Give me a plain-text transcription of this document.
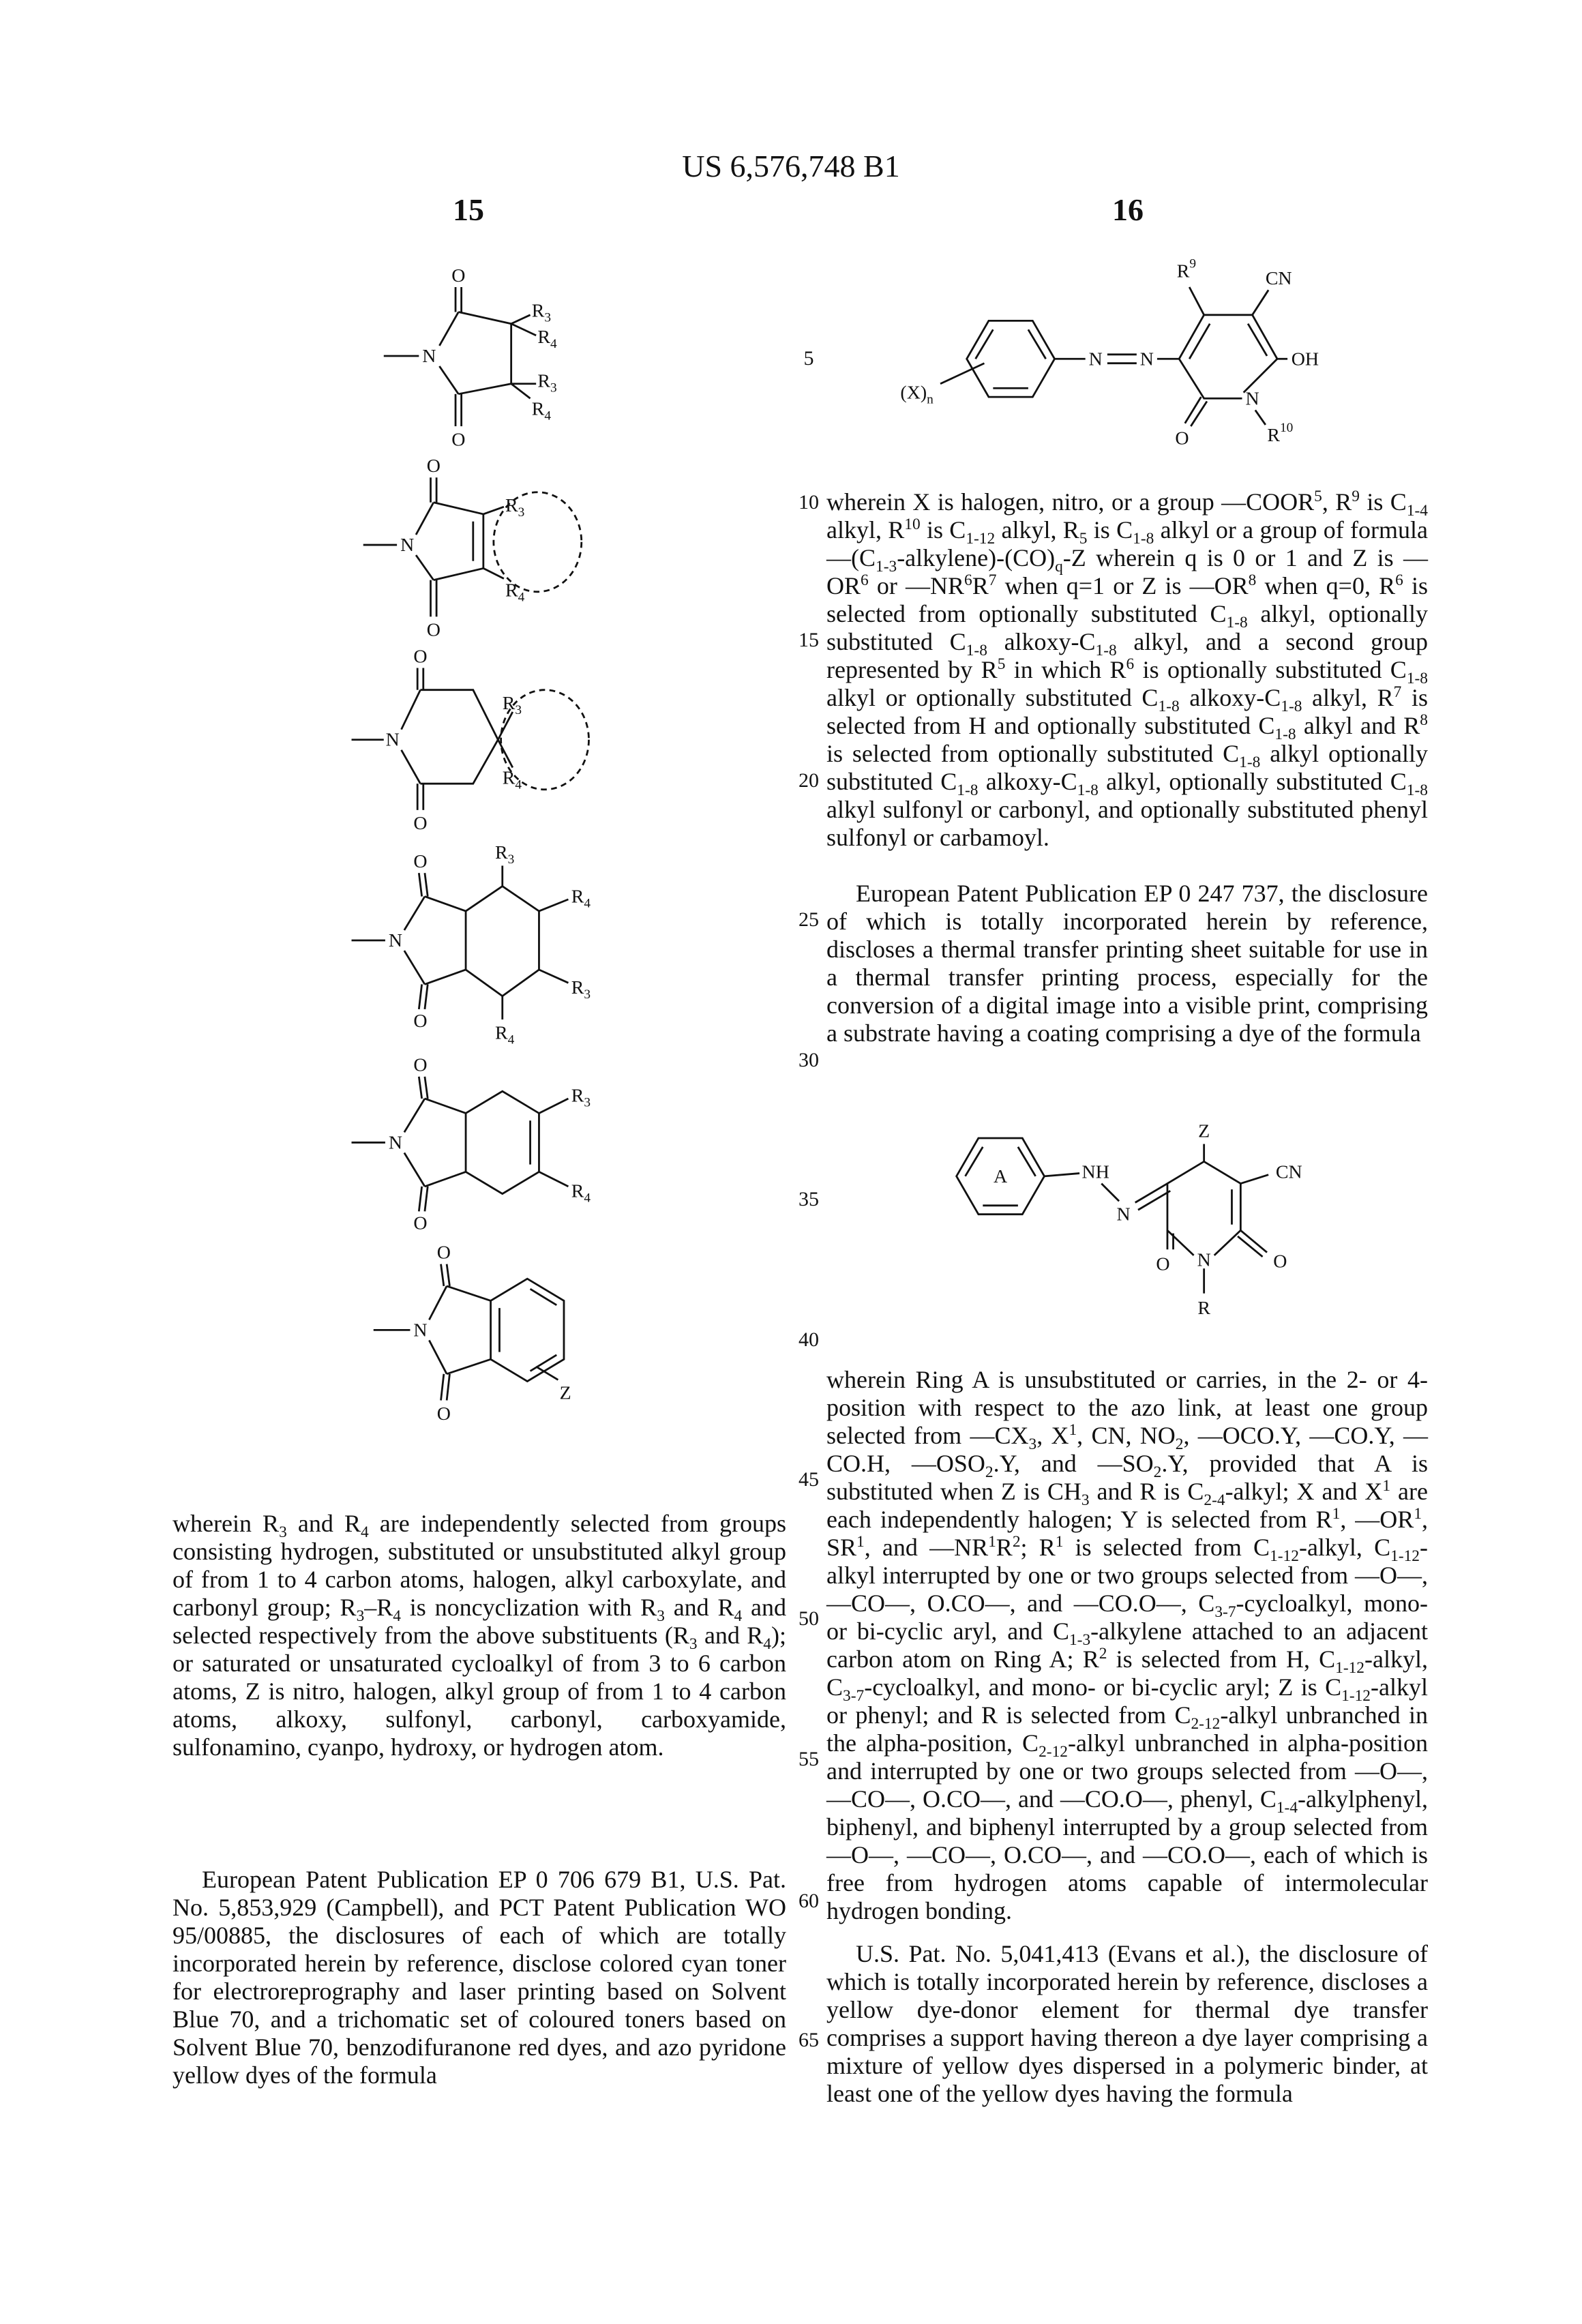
US 6,576,748 B1
15	16
O
N
O
R3
R4
R3
R4
O
N
O
R3
R4
O
N
O
R3
R4
O
N
O
R3
R4
R3
R4
O
N
O
R3
R4
O
N
O
Z
(X)n
N	N
R9
CN
OH
N
O	R10
A	NH
N
Z
CN
N
O	O
R
5
10
15
20
25
30
35
40
45
50
55
60
65

wherein R3 and R4 are independently selected from groups consisting hydrogen, substituted or unsubstituted alkyl group of from 1 to 4 carbon atoms, halogen, alkyl carboxylate, and carbonyl group; R3–R4 is noncyclization with R3 and R4 and selected respectively from the above substituents (R3 and R4); or saturated or unsaturated cycloalkyl of from 3 to 6 carbon atoms, Z is nitro, halogen, alkyl group of from 1 to 4 carbon atoms, alkoxy, sulfonyl, carbonyl, carboxyamide, sulfonamino, cyanpo, hydroxy, or hydrogen atom.

European Patent Publication EP 0 706 679 B1, U.S. Pat. No. 5,853,929 (Campbell), and PCT Patent Publication WO 95/00885, the disclosures of each of which are totally incorporated herein by reference, disclose colored cyan toner for electroreprography and laser printing based on Solvent Blue 70, and a trichomatic set of coloured toners based on Solvent Blue 70, benzodifuranone red dyes, and azo pyridone yellow dyes of the formula

wherein X is halogen, nitro, or a group —COOR5, R9 is C1-4 alkyl, R10 is C1-12 alkyl, R5 is C1-8 alkyl or a group of formula —(C1-3-alkylene)-(CO)q-Z wherein q is 0 or 1 and Z is —OR6 or —NR6R7 when q=1 or Z is —OR8 when q=0, R6 is selected from optionally substituted C1-8 alkyl, optionally substituted C1-8 alkoxy-C1-8 alkyl, and a second group represented by R5 in which R6 is optionally substituted C1-8 alkyl or optionally substituted C1-8 alkoxy-C1-8 alkyl, R7 is selected from H and optionally substituted C1-8 alkyl and R8 is selected from optionally substituted C1-8 alkyl optionally substituted C1-8 alkoxy-C1-8 alkyl, optionally substituted C1-8 alkyl sulfonyl or carbonyl, and optionally substituted phenyl sulfonyl or carbamoyl.

European Patent Publication EP 0 247 737, the disclosure of which is totally incorporated herein by reference, discloses a thermal transfer printing sheet suitable for use in a thermal transfer printing process, especially for the conversion of a digital image into a visible print, comprising a substrate having a coating comprising a dye of the formula

wherein Ring A is unsubstituted or carries, in the 2- or 4-position with respect to the azo link, at least one group selected from —CX3, X1, CN, NO2, —OCO.Y, —CO.Y, —CO.H, —OSO2.Y, and —SO2.Y, provided that A is substituted when Z is CH3 and R is C2-4-alkyl; X and X1 are each independently halogen; Y is selected from R1, —OR1, SR1, and —NR1R2; R1 is selected from C1-12-alkyl, C1-12-alkyl interrupted by one or two groups selected from —O—, —CO—, O.CO—, and —CO.O—, C3-7-cycloalkyl, mono- or bi-cyclic aryl, and C1-3-alkylene attached to an adjacent carbon atom on Ring A; R2 is selected from H, C1-12-alkyl, C3-7-cycloalkyl, and mono- or bi-cyclic aryl; Z is C1-12-alkyl or phenyl; and R is selected from C2-12-alkyl unbranched in the alpha-position, C2-12-alkyl unbranched in alpha-position and interrupted by one or two groups selected from —O—,—CO—, O.CO—, and —CO.O—, phenyl, C1-4-alkylphenyl, biphenyl, and biphenyl interrupted by a group selected from —O—, —CO—, O.CO—, and —CO.O—, each of which is free from hydrogen atoms capable of intermolecular hydrogen bonding.

U.S. Pat. No. 5,041,413 (Evans et al.), the disclosure of which is totally incorporated herein by reference, discloses a yellow dye-donor element for thermal dye transfer comprises a support having thereon a dye layer comprising a mixture of yellow dyes dispersed in a polymeric binder, at least one of the yellow dyes having the formula
